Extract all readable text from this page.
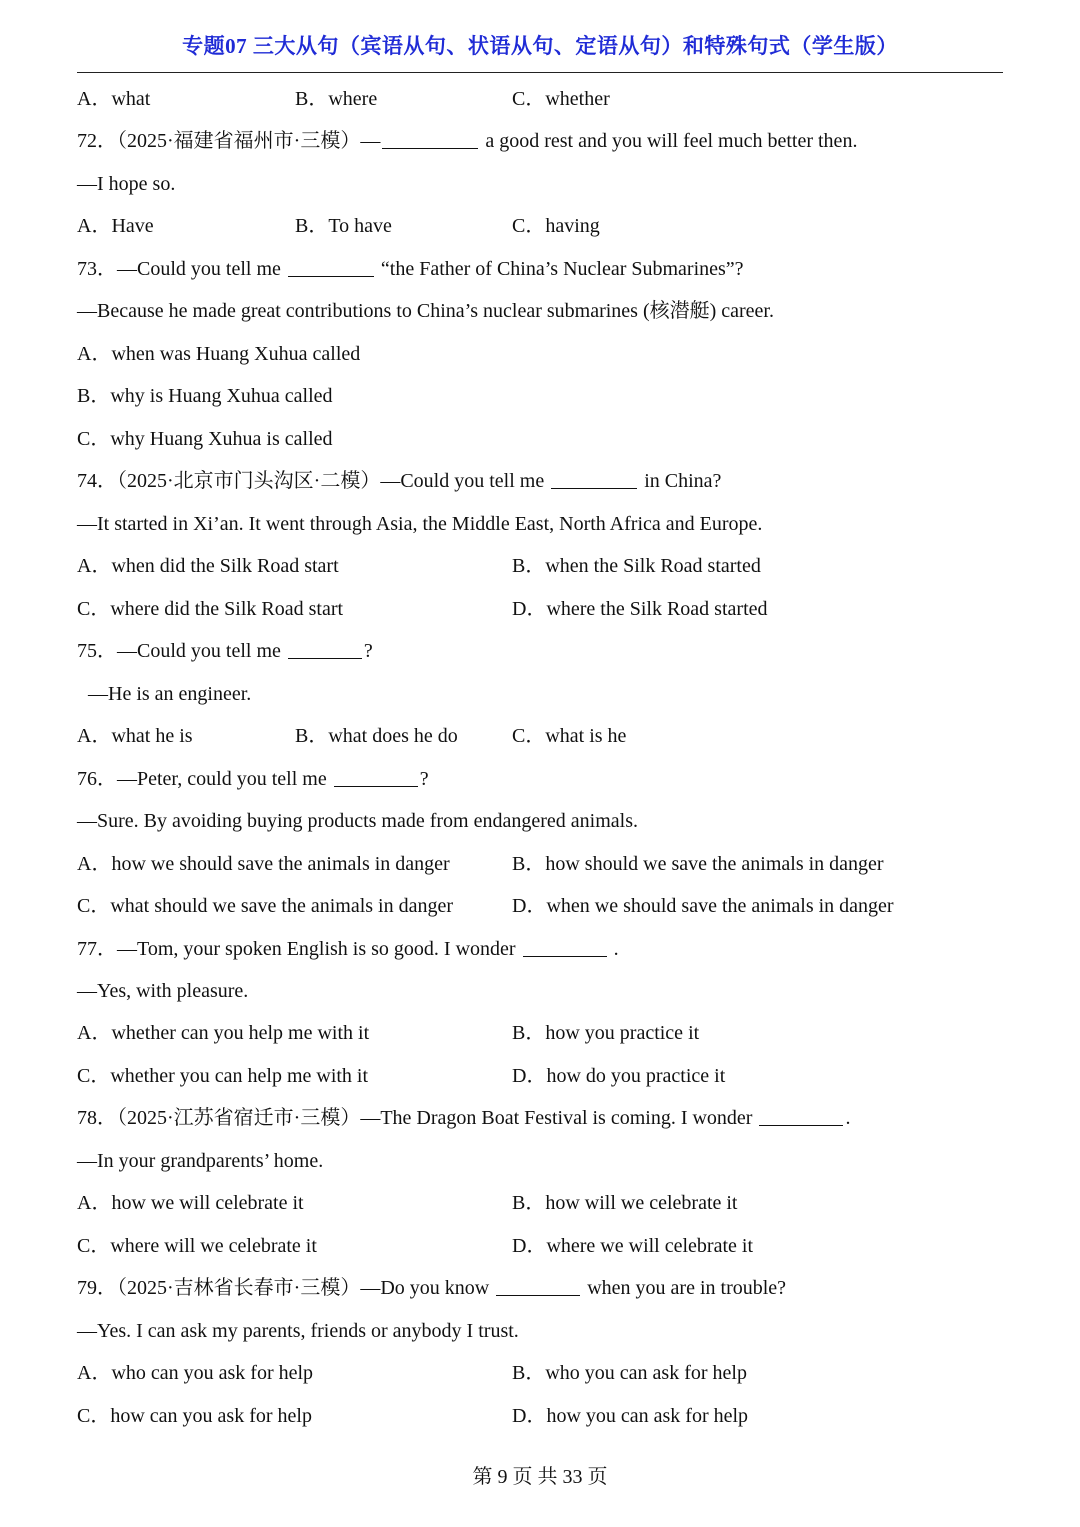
专题07 三大从句（宾语从句、状语从句、定语从句）和特殊句式（学生版）
A．what	B．where	C．whether
72．（2025·福建省福州市·三模）—	a good rest and you will feel much better then.
—I hope so.
A．Have	B．To have	C．having
73．—Could you tell me	“the Father of China’s Nuclear Submarines”?
—Because he made great contributions to China’s nuclear submarines (核潜艇) career.
A．when was Huang Xuhua called
B．why is Huang Xuhua called
C．why Huang Xuhua is called
74．（2025·北京市门头沟区·二模）—Could you tell me	in China?
—It started in Xi’an. It went through Asia, the Middle East, North Africa and Europe.
A．when did the Silk Road start	B．when the Silk Road started
C．where did the Silk Road start	D．where the Silk Road started
75．—Could you tell me	?
—He is an engineer.
A．what he is	B．what does he do	C．what is he
76．—Peter, could you tell me	?
—Sure. By avoiding buying products made from endangered animals.
A．how we should save the animals in danger	B．how should we save the animals in danger
C．what should we save the animals in danger	D．when we should save the animals in danger
77．—Tom, your spoken English is so good. I wonder	.
—Yes, with pleasure.
A．whether can you help me with it	B．how you practice it
C．whether you can help me with it	D．how do you practice it
78．（2025·江苏省宿迁市·三模）—The Dragon Boat Festival is coming. I wonder	.
—In your grandparents’ home.
A．how we will celebrate it	B．how will we celebrate it
C．where will we celebrate it	D．where we will celebrate it
79．（2025·吉林省长春市·三模）—Do you know	when you are in trouble?
—Yes. I can ask my parents, friends or anybody I trust.
A．who can you ask for help	B．who you can ask for help
C．how can you ask for help	D．how you can ask for help
第 9 页 共 33 页
